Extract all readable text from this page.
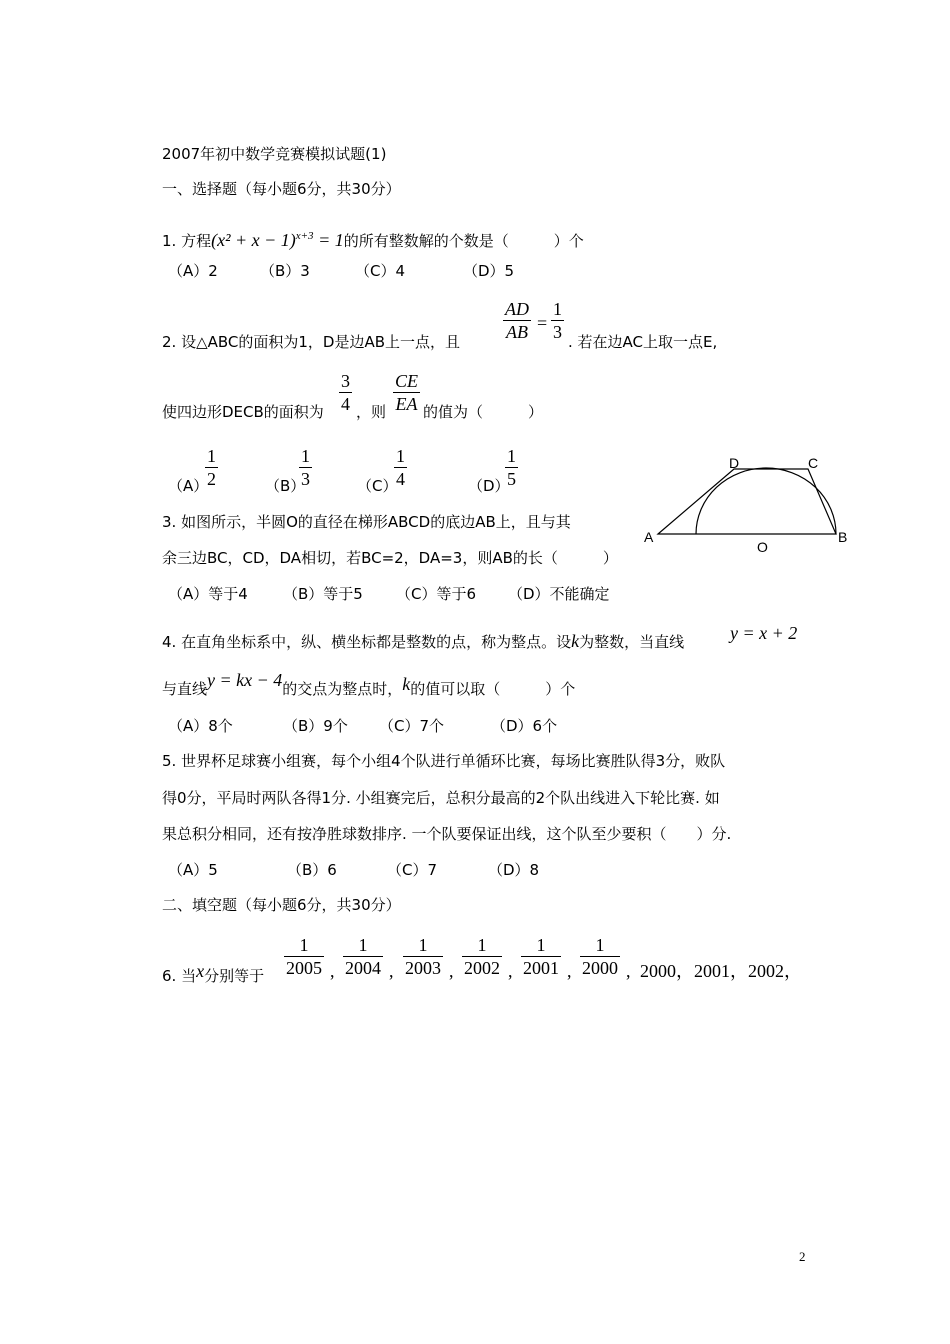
2007年初中数学竞赛模拟试题(1)
一、选择题（每小题6分，共30分）
1. 方程$(x^2 + x - 1)^{x+3} = 1$的所有整数解的个数是（　　　）个
（A）2	（B）3	（C）4	（D）5
2. 设△ABC的面积为1，D是边AB上一点，且 $\frac{AD}{AB} = \frac{1}{3}$ . 若在边AC上取一点E,
使四边形DECB的面积为 $\frac{3}{4}$ ，则 $\frac{CE}{EA}$ 的值为（　　　）
（A）
$\frac{1}{2}$	（B）
$\frac{1}{3}$	（C）
$\frac{1}{4}$	（D）
$\frac{1}{5}$
A
D	C
B
O
3. 如图所示，半圆O的直径在梯形ABCD的底边AB上，且与其
余三边BC，CD，DA相切，若BC=2，DA=3，则AB的长（　　　）
（A）等于4 （B）等于5 （C）等于6 （D）不能确定
4. 在直角坐标系中，纵、横坐标都是整数的点，称为整点。设k为整数，当直线	y = x + 2
与直线y = kx − 4的交点为整点时，k的值可以取（　　　）个
（A）8个	（B）9个 （C）7个	（D）6个
5. 世界杯足球赛小组赛，每个小组4个队进行单循环比赛，每场比赛胜队得3分，败队
得0分，平局时两队各得1分. 小组赛完后，总积分最高的2个队出线进入下轮比赛. 如
果总积分相同，还有按净胜球数排序. 一个队要保证出线，这个队至少要积（　　）分.
（A）5	（B）6	（C）7	（D）8
二、填空题（每小题6分，共30分）
6. 当x分别等于 $\frac{1}{2005}$ , $\frac{1}{2004}$ , $\frac{1}{2003}$ , $\frac{1}{2002}$ , $\frac{1}{2001}$ , $\frac{1}{2000}$ , 2000，2001，2002，
2
